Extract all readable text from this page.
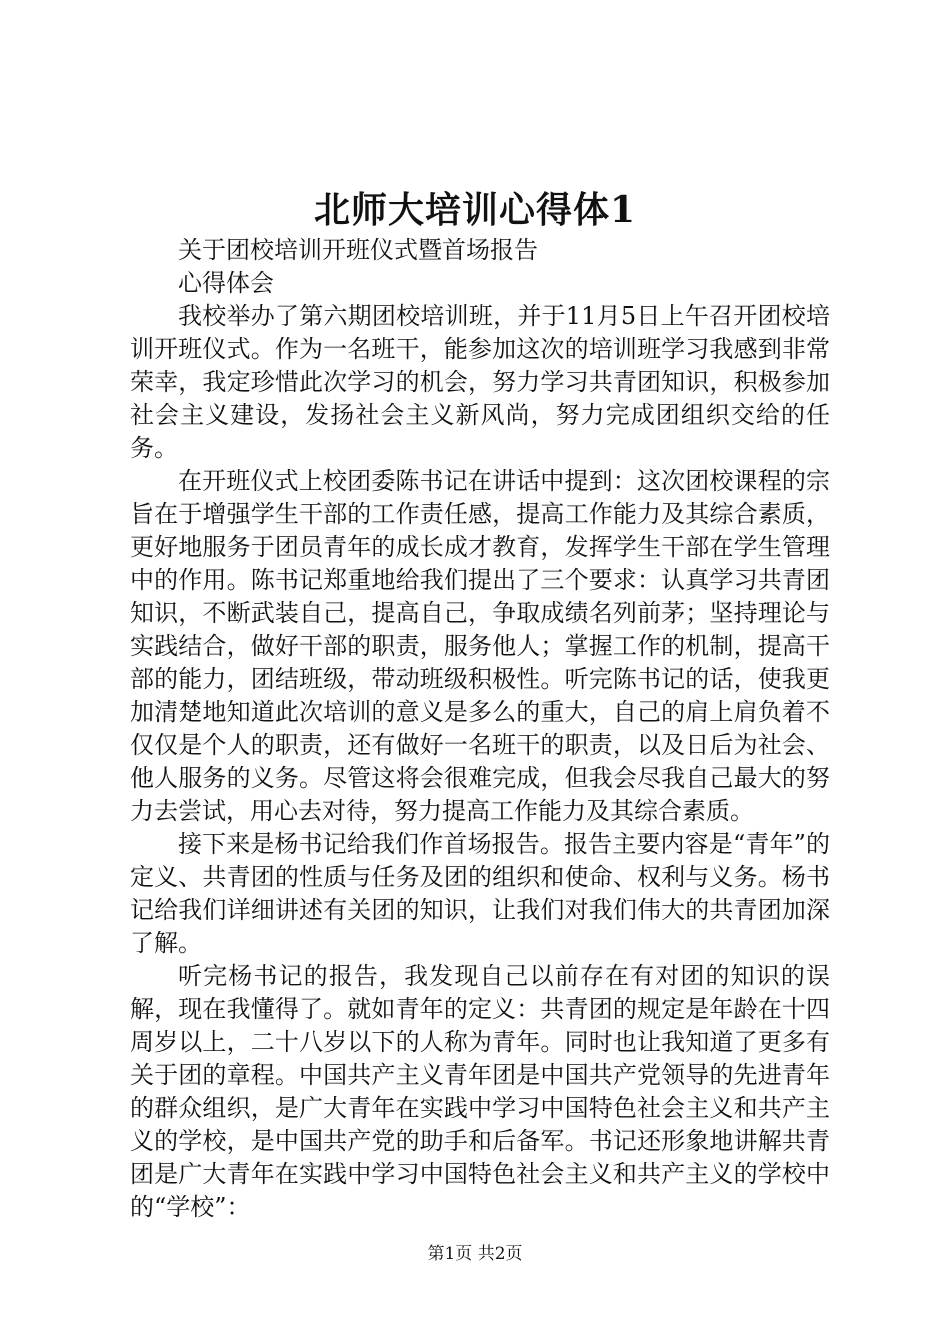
北师大培训心得体1

关于团校培训开班仪式暨首场报告

心得体会

我校举办了第六期团校培训班，并于11月5日上午召开团校培训开班仪式。作为一名班干，能参加这次的培训班学习我感到非常荣幸，我定珍惜此次学习的机会，努力学习共青团知识，积极参加社会主义建设，发扬社会主义新风尚，努力完成团组织交给的任务。

在开班仪式上校团委陈书记在讲话中提到：这次团校课程的宗旨在于增强学生干部的工作责任感，提高工作能力及其综合素质，更好地服务于团员青年的成长成才教育，发挥学生干部在学生管理中的作用。陈书记郑重地给我们提出了三个要求：认真学习共青团知识，不断武装自己，提高自己，争取成绩名列前茅；坚持理论与实践结合，做好干部的职责，服务他人；掌握工作的机制，提高干部的能力，团结班级，带动班级积极性。听完陈书记的话，使我更加清楚地知道此次培训的意义是多么的重大，自己的肩上肩负着不仅仅是个人的职责，还有做好一名班干的职责，以及日后为社会、他人服务的义务。尽管这将会很难完成，但我会尽我自己最大的努力去尝试，用心去对待，努力提高工作能力及其综合素质。

接下来是杨书记给我们作首场报告。报告主要内容是“青年”的定义、共青团的性质与任务及团的组织和使命、权利与义务。杨书记给我们详细讲述有关团的知识，让我们对我们伟大的共青团加深了解。

听完杨书记的报告，我发现自己以前存在有对团的知识的误解，现在我懂得了。就如青年的定义：共青团的规定是年龄在十四周岁以上，二十八岁以下的人称为青年。同时也让我知道了更多有关于团的章程。中国共产主义青年团是中国共产党领导的先进青年的群众组织，是广大青年在实践中学习中国特色社会主义和共产主义的学校，是中国共产党的助手和后备军。书记还形象地讲解共青团是广大青年在实践中学习中国特色社会主义和共产主义的学校中的“学校”：

第1页 共2页
